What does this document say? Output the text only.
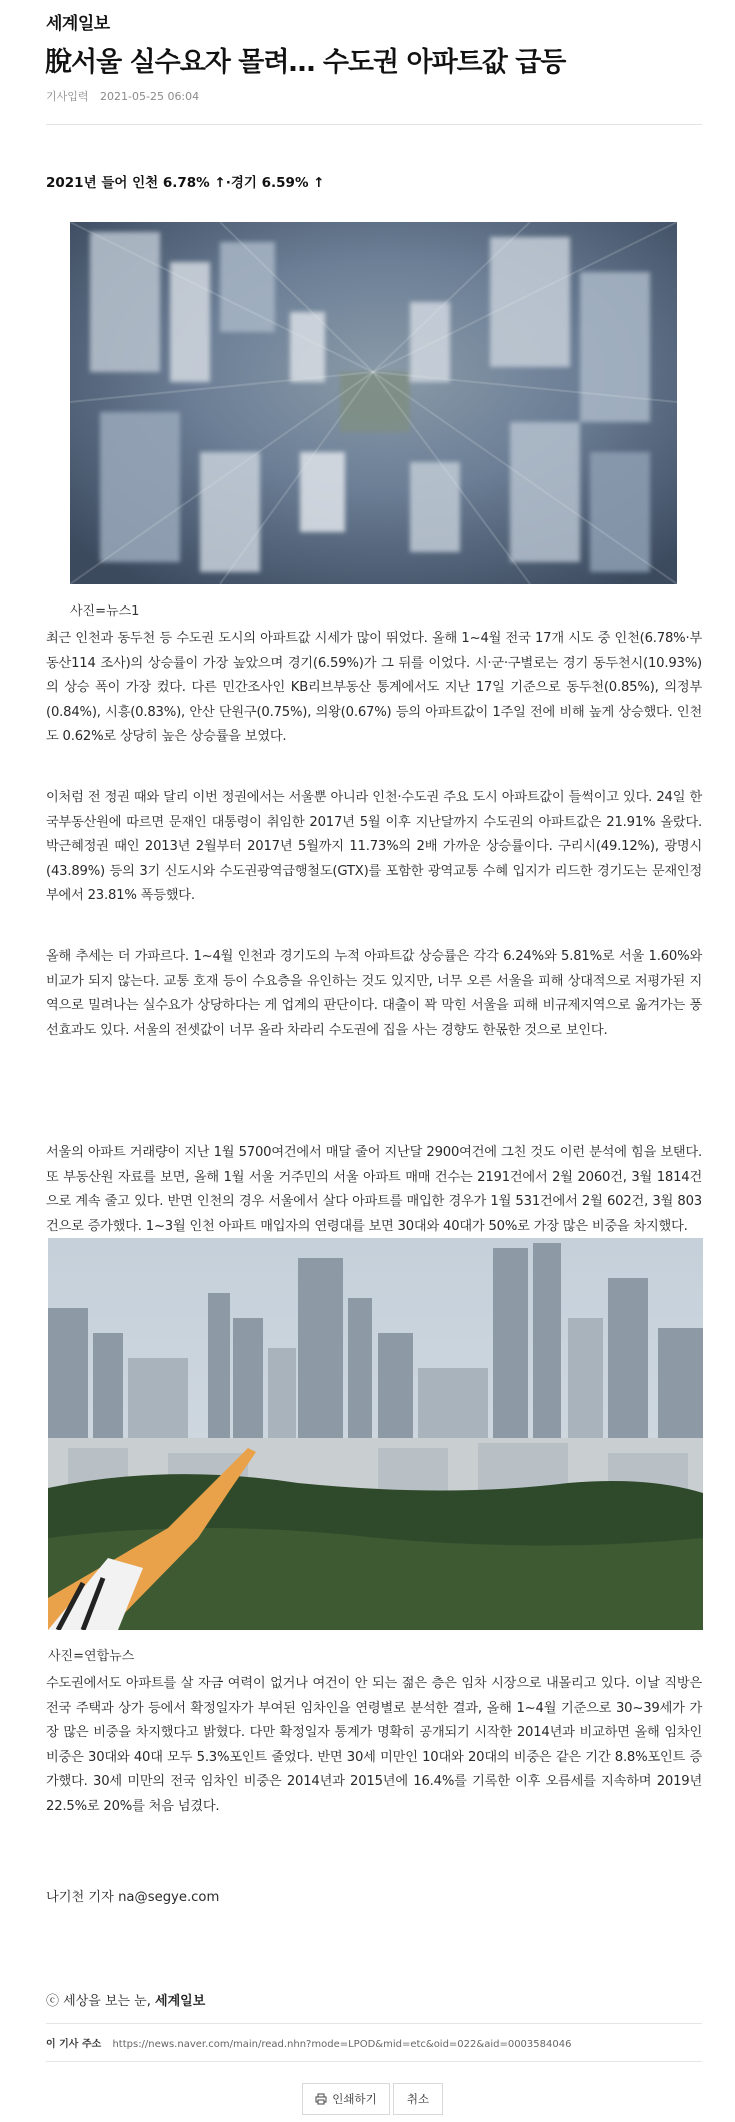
세계일보
脫서울 실수요자 몰려… 수도권 아파트값 급등
기사입력 2021-05-25 06:04
2021년 들어 인천 6.78% ↑·경기 6.59% ↑
사진=뉴스1

최근 인천과 동두천 등 수도권 도시의 아파트값 시세가 많이 뛰었다. 올해 1~4월 전국 17개 시도 중 인천(6.78%·부동산114 조사)의 상승률이 가장 높았으며 경기(6.59%)가 그 뒤를 이었다. 시·군·구별로는 경기 동두천시(10.93%)의 상승 폭이 가장 컸다. 다른 민간조사인 KB리브부동산 통계에서도 지난 17일 기준으로 동두천(0.85%), 의정부(0.84%), 시흥(0.83%), 안산 단원구(0.75%), 의왕(0.67%) 등의 아파트값이 1주일 전에 비해 높게 상승했다. 인천도 0.62%로 상당히 높은 상승률을 보였다.

이처럼 전 정권 때와 달리 이번 정권에서는 서울뿐 아니라 인천·수도권 주요 도시 아파트값이 들썩이고 있다. 24일 한국부동산원에 따르면 문재인 대통령이 취임한 2017년 5월 이후 지난달까지 수도권의 아파트값은 21.91% 올랐다. 박근혜정권 때인 2013년 2월부터 2017년 5월까지 11.73%의 2배 가까운 상승률이다. 구리시(49.12%), 광명시(43.89%) 등의 3기 신도시와 수도권광역급행철도(GTX)를 포함한 광역교통 수혜 입지가 리드한 경기도는 문재인정부에서 23.81% 폭등했다.

올해 추세는 더 가파르다. 1~4월 인천과 경기도의 누적 아파트값 상승률은 각각 6.24%와 5.81%로 서울 1.60%와 비교가 되지 않는다. 교통 호재 등이 수요층을 유인하는 것도 있지만, 너무 오른 서울을 피해 상대적으로 저평가된 지역으로 밀려나는 실수요가 상당하다는 게 업계의 판단이다. 대출이 꽉 막힌 서울을 피해 비규제지역으로 옮겨가는 풍선효과도 있다. 서울의 전셋값이 너무 올라 차라리 수도권에 집을 사는 경향도 한몫한 것으로 보인다.

서울의 아파트 거래량이 지난 1월 5700여건에서 매달 줄어 지난달 2900여건에 그친 것도 이런 분석에 힘을 보탠다. 또 부동산원 자료를 보면, 올해 1월 서울 거주민의 서울 아파트 매매 건수는 2191건에서 2월 2060건, 3월 1814건으로 계속 줄고 있다. 반면 인천의 경우 서울에서 살다 아파트를 매입한 경우가 1월 531건에서 2월 602건, 3월 803건으로 증가했다. 1~3월 인천 아파트 매입자의 연령대를 보면 30대와 40대가 50%로 가장 많은 비중을 차지했다.

사진=연합뉴스

수도권에서도 아파트를 살 자금 여력이 없거나 여건이 안 되는 젊은 층은 임차 시장으로 내몰리고 있다. 이날 직방은 전국 주택과 상가 등에서 확정일자가 부여된 임차인을 연령별로 분석한 결과, 올해 1~4월 기준으로 30~39세가 가장 많은 비중을 차지했다고 밝혔다. 다만 확정일자 통계가 명확히 공개되기 시작한 2014년과 비교하면 올해 임차인 비중은 30대와 40대 모두 5.3%포인트 줄었다. 반면 30세 미만인 10대와 20대의 비중은 같은 기간 8.8%포인트 증가했다. 30세 미만의 전국 임차인 비중은 2014년과 2015년에 16.4%를 기록한 이후 오름세를 지속하며 2019년 22.5%로 20%를 처음 넘겼다.

나기천 기자 na@segye.com
ⓒ 세상을 보는 눈, 세계일보
이 기사 주소 https://news.naver.com/main/read.nhn?mode=LPOD&mid=etc&oid=022&aid=0003584046
인쇄하기	취소
